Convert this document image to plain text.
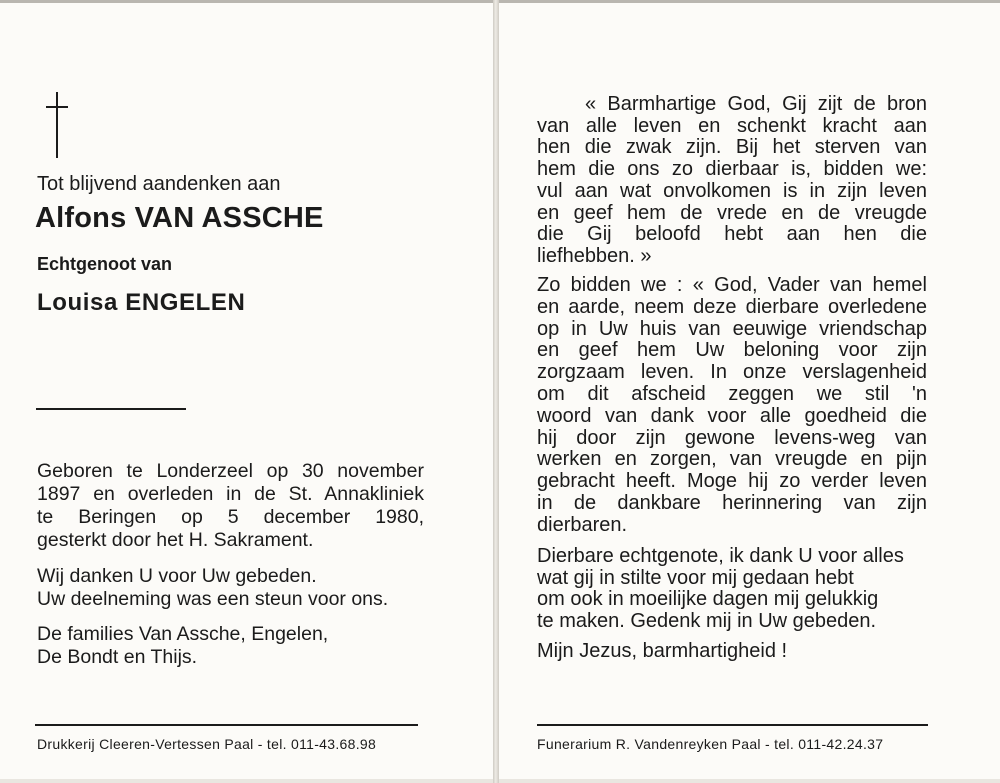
Tot blijvend aandenken aan
Alfons VAN ASSCHE
Echtgenoot van
Louisa ENGELEN
Geboren te Londerzeel op 30 november
1897 en overleden in de St. Annakliniek
te Beringen op 5 december 1980,
gesterkt door het H. Sakrament.
Wij danken U voor Uw gebeden.
Uw deelneming was een steun voor ons.
De families Van Assche, Engelen,
De Bondt en Thijs.
Drukkerij Cleeren-Vertessen Paal - tel. 011-43.68.98
« Barmhartige God, Gij zijt de bron
van alle leven en schenkt kracht aan
hen die zwak zijn. Bij het sterven van
hem die ons zo dierbaar is, bidden we:
vul aan wat onvolkomen is in zijn leven
en geef hem de vrede en de vreugde
die Gij beloofd hebt aan hen die
liefhebben. »
Zo bidden we : « God, Vader van hemel
en aarde, neem deze dierbare overledene
op in Uw huis van eeuwige vriendschap
en geef hem Uw beloning voor zijn
zorgzaam leven. In onze verslagenheid
om dit afscheid zeggen we stil 'n
woord van dank voor alle goedheid die
hij door zijn gewone levens-weg van
werken en zorgen, van vreugde en pijn
gebracht heeft. Moge hij zo verder leven
in de dankbare herinnering van zijn
dierbaren.
Dierbare echtgenote, ik dank U voor alles
wat gij in stilte voor mij gedaan hebt
om ook in moeilijke dagen mij gelukkig
te maken. Gedenk mij in Uw gebeden.
Mijn Jezus, barmhartigheid !
Funerarium R. Vandenreyken Paal - tel. 011-42.24.37
